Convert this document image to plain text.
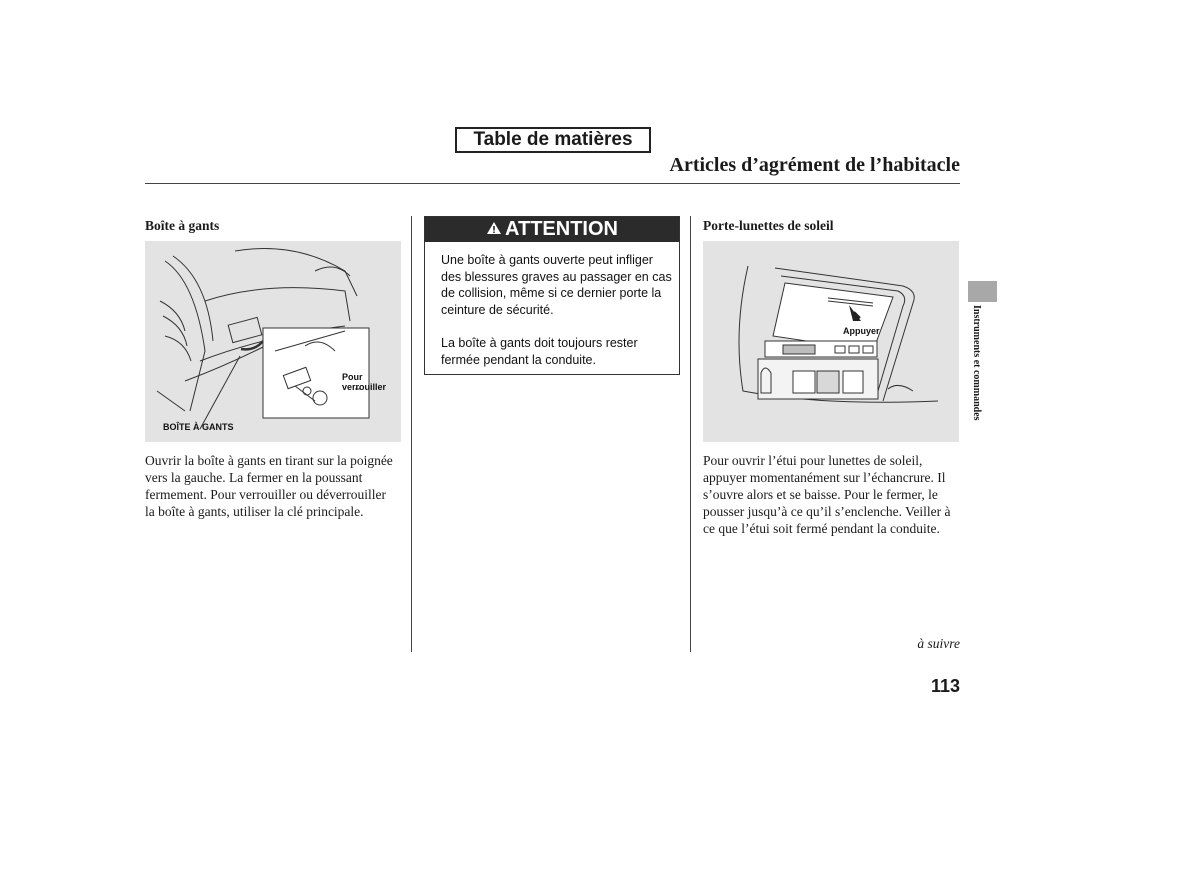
Table de matières
Articles d’agrément de l’habitacle
Boîte à gants
Pour
verrouiller
BOÎTE À GANTS
Ouvrir la boîte à gants en tirant sur la poignée vers la gauche. La fermer en la poussant fermement. Pour verrouiller ou déverrouiller la boîte à gants, utiliser la clé principale.
ATTENTION

Une boîte à gants ouverte peut infliger des blessures graves au passager en cas de collision, même si ce dernier porte la ceinture de sécurité.

La boîte à gants doit toujours rester fermée pendant la conduite.

Porte-lunettes de soleil
Appuyer
Pour ouvrir l’étui pour lunettes de soleil, appuyer momentanément sur l’échancrure. Il s’ouvre alors et se baisse. Pour le fermer, le pousser jusqu’à ce qu’il s’enclenche. Veiller à ce que l’étui soit fermé pendant la conduite.
Instruments et commandes
à suivre
113
